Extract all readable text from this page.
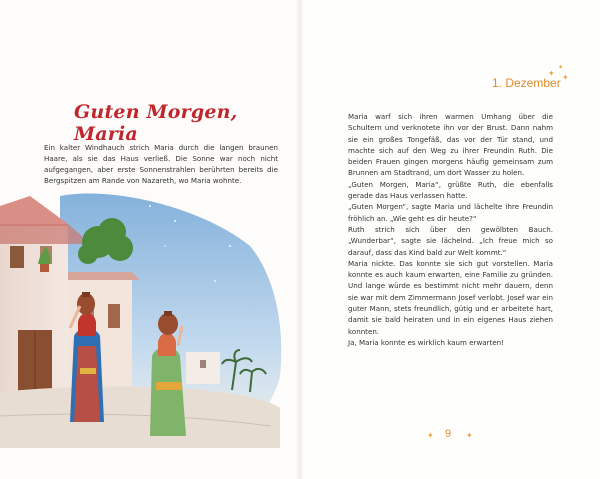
Guten Morgen, Maria

Ein kalter Windhauch strich Maria durch die langen braunen Haare, als sie das Haus verließ. Die Sonne war noch nicht aufgegangen, aber erste Sonnenstrahlen berührten bereits die Bergspitzen am Rande von Nazareth, wo Maria wohnte.

1. Dezember
✦
✦
✦

Maria warf sich ihren warmen Umhang über die Schultern und verknotete ihn vor der Brust. Dann nahm sie ein großes Tongefäß, das vor der Tür stand, und machte sich auf den Weg zu ihrer Freundin Ruth. Die beiden Frauen gingen morgens häufig gemeinsam zum Brunnen am Stadtrand, um dort Wasser zu holen.

„Guten Morgen, Maria“, grüßte Ruth, die ebenfalls gerade das Haus verlassen hatte.

„Guten Morgen“, sagte Maria und lächelte ihre Freundin fröhlich an. „Wie geht es dir heute?“

Ruth strich sich über den gewölbten Bauch. „Wunderbar“, sagte sie lächelnd. „Ich freue mich so darauf, dass das Kind bald zur Welt kommt.“

Maria nickte. Das konnte sie sich gut vorstellen. Maria konnte es auch kaum erwarten, eine Familie zu gründen. Und lange würde es bestimmt nicht mehr dauern, denn sie war mit dem Zimmermann Josef verlobt. Josef war ein guter Mann, stets freundlich, gütig und er arbeitete hart, damit sie bald heiraten und in ein eigenes Haus ziehen konnten.

Ja, Maria konnte es wirklich kaum erwarten!

✦ 9 ✦
